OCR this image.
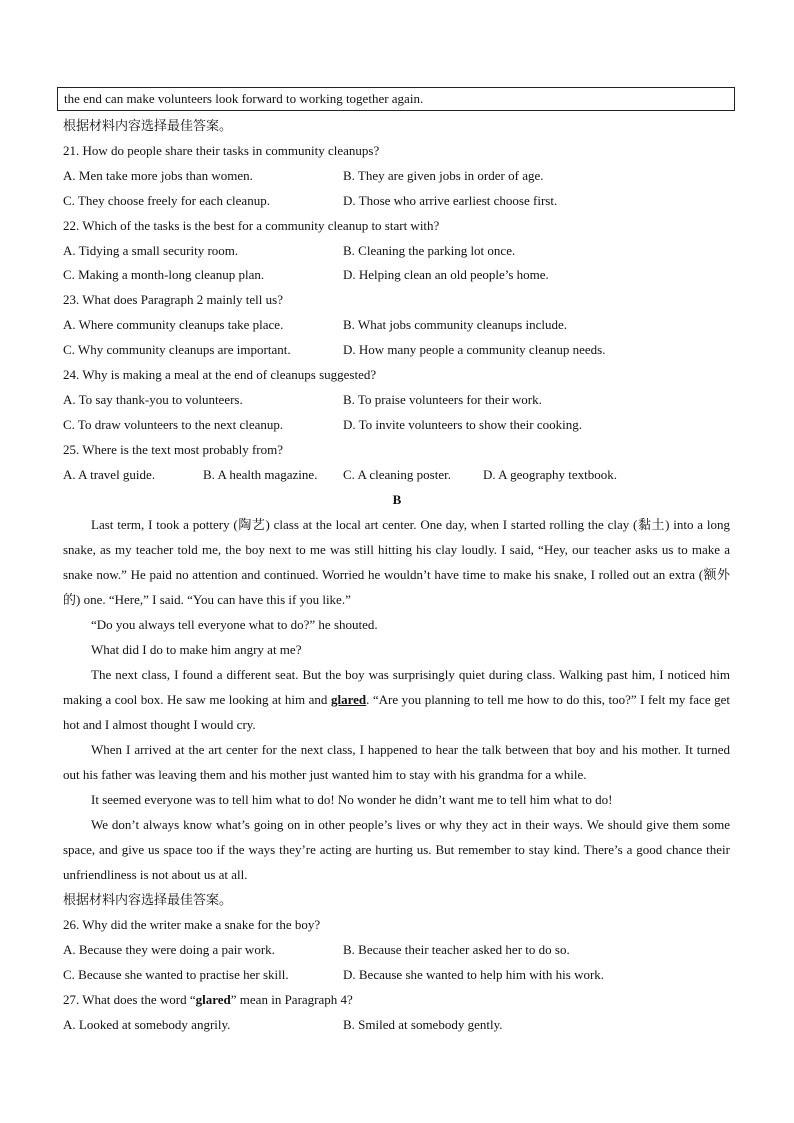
the end can make volunteers look forward to working together again.
根据材料内容选择最佳答案。
21. How do people share their tasks in community cleanups?
A. Men take more jobs than women.	B. They are given jobs in order of age.
C. They choose freely for each cleanup.	D. Those who arrive earliest choose first.
22. Which of the tasks is the best for a community cleanup to start with?
A. Tidying a small security room.	B. Cleaning the parking lot once.
C. Making a month-long cleanup plan.	D. Helping clean an old people’s home.
23. What does Paragraph 2 mainly tell us?
A. Where community cleanups take place.	B. What jobs community cleanups include.
C. Why community cleanups are important.	D. How many people a community cleanup needs.
24. Why is making a meal at the end of cleanups suggested?
A. To say thank-you to volunteers.	B. To praise volunteers for their work.
C. To draw volunteers to the next cleanup.	D. To invite volunteers to show their cooking.
25. Where is the text most probably from?
A. A travel guide.	B. A health magazine. C. A cleaning poster. D. A geography textbook.
B
Last term, I took a pottery (陶艺) class at the local art center. One day, when I started rolling the clay (黏土) into a long snake, as my teacher told me, the boy next to me was still hitting his clay loudly. I said, “Hey, our teacher asks us to make a snake now.” He paid no attention and continued. Worried he wouldn’t have time to make his snake, I rolled out an extra (额外的) one. “Here,” I said. “You can have this if you like.”
“Do you always tell everyone what to do?” he shouted.
What did I do to make him angry at me?
The next class, I found a different seat. But the boy was surprisingly quiet during class. Walking past him, I noticed him making a cool box. He saw me looking at him and glared. “Are you planning to tell me how to do this, too?” I felt my face get hot and I almost thought I would cry.
When I arrived at the art center for the next class, I happened to hear the talk between that boy and his mother. It turned out his father was leaving them and his mother just wanted him to stay with his grandma for a while.
It seemed everyone was to tell him what to do! No wonder he didn’t want me to tell him what to do!
We don’t always know what’s going on in other people’s lives or why they act in their ways. We should give them some space, and give us space too if the ways they’re acting are hurting us. But remember to stay kind. There’s a good chance their unfriendliness is not about us at all.
根据材料内容选择最佳答案。
26. Why did the writer make a snake for the boy?
A. Because they were doing a pair work.	B. Because their teacher asked her to do so.
C. Because she wanted to practise her skill.	D. Because she wanted to help him with his work.
27. What does the word “glared” mean in Paragraph 4?
A. Looked at somebody angrily.	B. Smiled at somebody gently.
